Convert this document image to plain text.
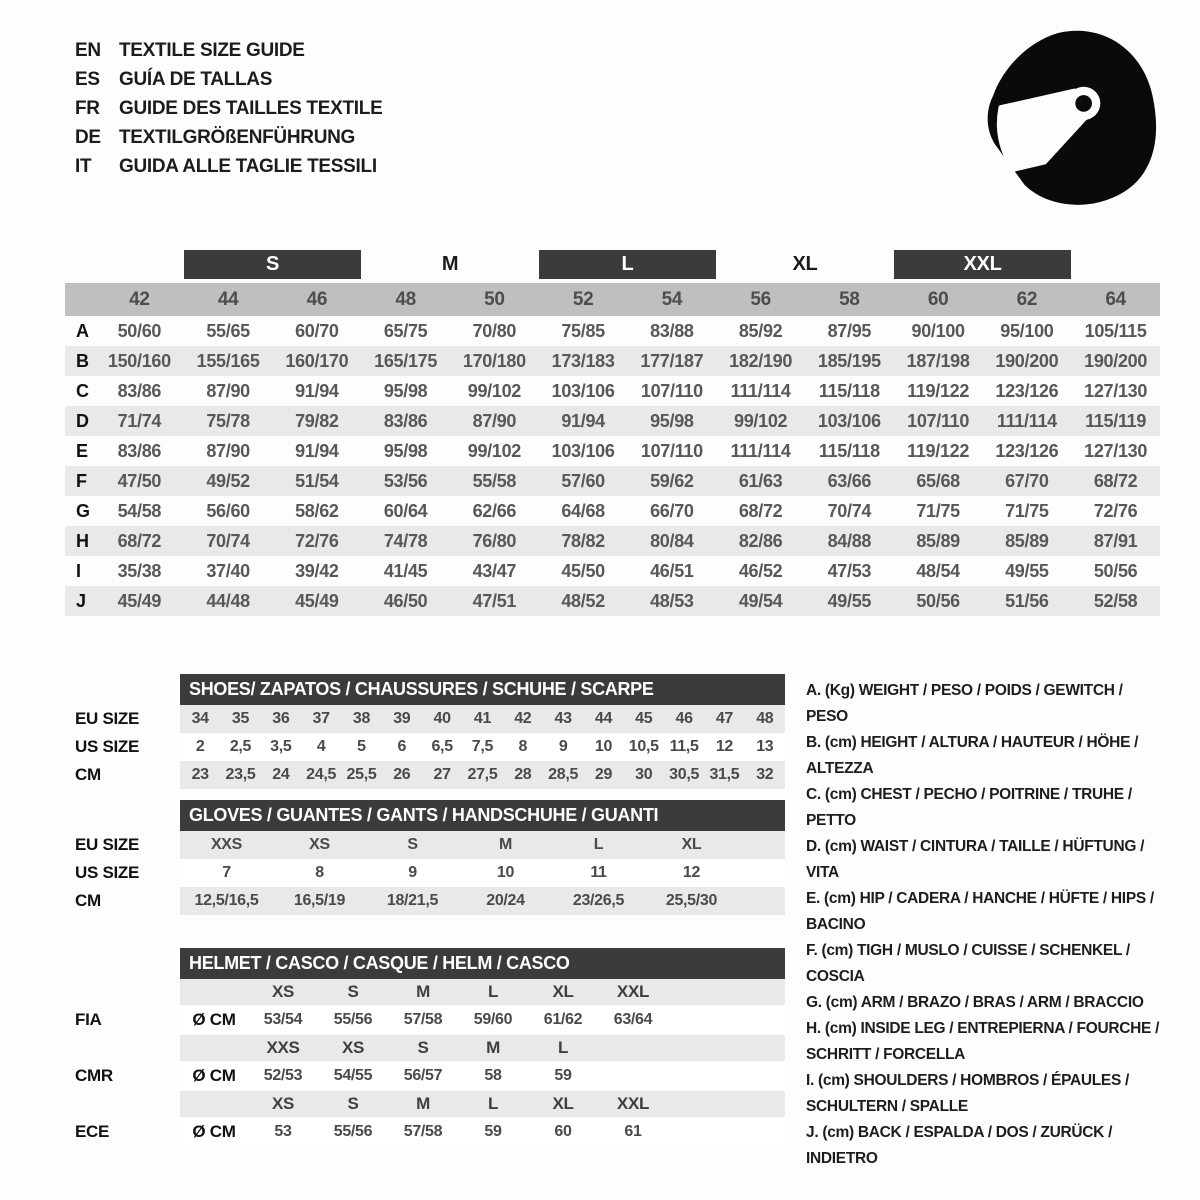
EN TEXTILE SIZE GUIDE
ES	GUÍA DE TALLAS
FR	GUIDE DES TAILLES TEXTILE
DE TEXTILGRÖßENFÜHRUNG
IT	GUIDA ALLE TAGLIE TESSILI
		S		M		L		XL		XXL		
	42	44	46	48	50	52	54	56	58	60	62	64
A	50/60	55/65	60/70	65/75	70/80	75/85	83/88	85/92	87/95	90/100	95/100	105/115
B	150/160	155/165	160/170	165/175	170/180	173/183	177/187	182/190	185/195	187/198	190/200	190/200
C	83/86	87/90	91/94	95/98	99/102	103/106	107/110	111/114	115/118	119/122	123/126	127/130
D	71/74	75/78	79/82	83/86	87/90	91/94	95/98	99/102	103/106	107/110	111/114	115/119
E	83/86	87/90	91/94	95/98	99/102	103/106	107/110	111/114	115/118	119/122	123/126	127/130
F	47/50	49/52	51/54	53/56	55/58	57/60	59/62	61/63	63/66	65/68	67/70	68/72
G	54/58	56/60	58/62	60/64	62/66	64/68	66/70	68/72	70/74	71/75	71/75	72/76
H	68/72	70/74	72/76	74/78	76/80	78/82	80/84	82/86	84/88	85/89	85/89	87/91
I	35/38	37/40	39/42	41/45	43/47	45/50	46/51	46/52	47/53	48/54	49/55	50/56
J	45/49	44/48	45/49	46/50	47/51	48/52	48/53	49/54	49/55	50/56	51/56	52/58
	SHOES/ ZAPATOS / CHAUSSURES / SCHUHE / SCARPE														
EU SIZE	34	35	36	37	38	39	40	41	42	43	44	45	46	47	48
US SIZE	2	2,5	3,5	4	5	6	6,5	7,5	8	9	10	10,5	11,5	12	13
CM	23	23,5	24	24,5	25,5	26	27	27,5	28	28,5	29	30	30,5	31,5	32
	GLOVES / GUANTES / GANTS / HANDSCHUHE / GUANTI						
EU SIZE	XXS	XS	S	M	L	XL	
US SIZE	7	8	9	10	11	12	
CM	12,5/16,5	16,5/19	18/21,5	20/24	23/26,5	25,5/30	
	HELMET / CASCO / CASQUE / HELM / CASCO							
		XS	S	M	L	XL	XXL	
FIA	Ø CM	53/54	55/56	57/58	59/60	61/62	63/64	
		XXS	XS	S	M	L		
CMR	Ø CM	52/53	54/55	56/57	58	59		
		XS	S	M	L	XL	XXL	
ECE	Ø CM	53	55/56	57/58	59	60	61	
A. (Kg) WEIGHT / PESO / POIDS / GEWITCH / PESO
B. (cm) HEIGHT / ALTURA / HAUTEUR / HÖHE / ALTEZZA
C. (cm) CHEST / PECHO / POITRINE / TRUHE / PETTO
D. (cm) WAIST / CINTURA / TAILLE / HÜFTUNG / VITA
E. (cm) HIP / CADERA / HANCHE / HÜFTE / HIPS / BACINO
F. (cm) TIGH / MUSLO / CUISSE / SCHENKEL / COSCIA
G. (cm) ARM / BRAZO / BRAS / ARM / BRACCIO
H. (cm) INSIDE LEG / ENTREPIERNA / FOURCHE / SCHRITT / FORCELLA
I. (cm) SHOULDERS / HOMBROS / ÉPAULES / SCHULTERN / SPALLE
J. (cm) BACK / ESPALDA / DOS / ZURÜCK / INDIETRO
